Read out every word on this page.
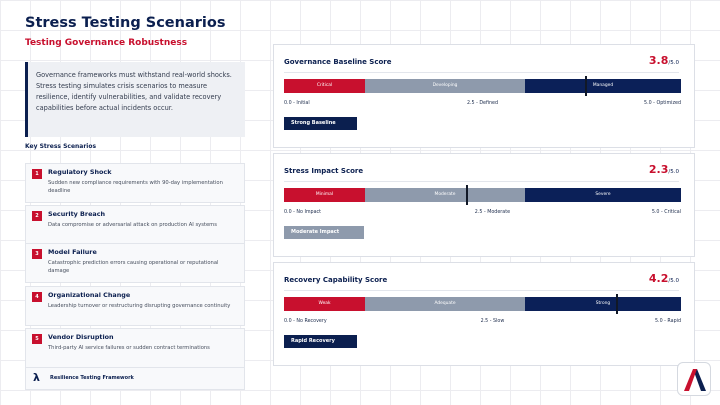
Stress Testing Scenarios
Testing Governance Robustness
Governance frameworks must withstand real-world shocks. Stress testing simulates crisis scenarios to measure resilience, identify vulnerabilities, and validate recovery capabilities before actual incidents occur.
Key Stress Scenarios
1	Regulatory Shock
Sudden new compliance requirements with 90-day implementation deadline
2	Security Breach
Data compromise or adversarial attack on production AI systems
3	Model Failure
Catastrophic prediction errors causing operational or reputational damage
4	Organizational Change
Leadership turnover or restructuring disrupting governance continuity
5	Vendor Disruption
Third-party AI service failures or sudden contract terminations
λ Resilience Testing Framework
Governance Baseline Score	3.8/5.0
Critical	Developing	Managed
0.0 - Initial	2.5 - Defined	5.0 - Optimized
Strong Baseline
Stress Impact Score	2.3/5.0
Minimal	Moderate	Severe
0.0 - No Impact	2.5 - Moderate	5.0 - Critical
Moderate Impact
Recovery Capability Score	4.2/5.0
Weak	Adequate	Strong
0.0 - No Recovery	2.5 - Slow	5.0 - Rapid
Rapid Recovery
